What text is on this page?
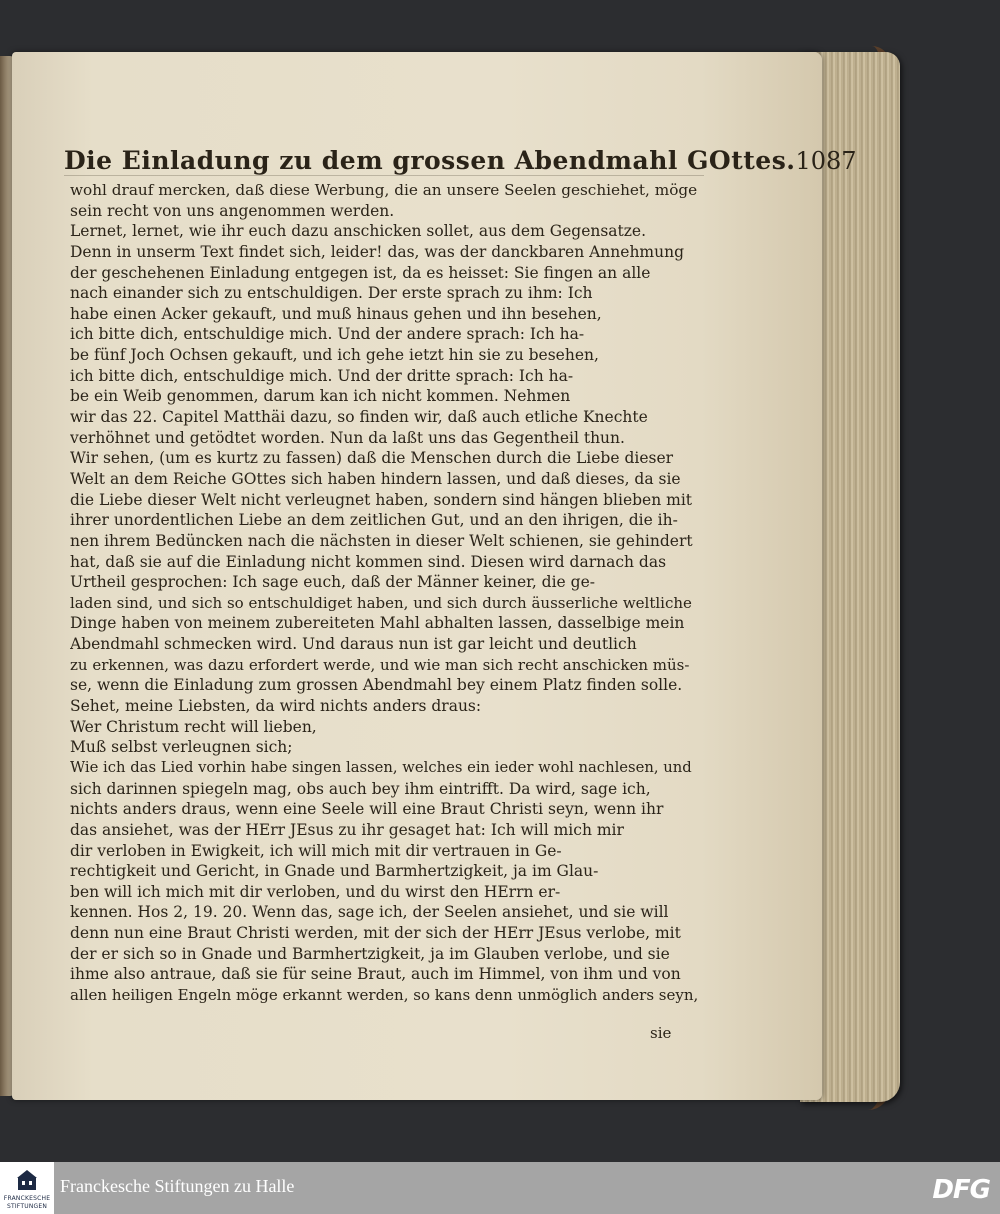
Die Einladung zu dem grossen Abendmahl GOttes. 1087
wohl drauf mercken, daß diese Werbung, die an unsere Seelen geschiehet, möge
sein recht von uns angenommen werden.
Lernet, lernet, wie ihr euch dazu anschicken sollet, aus dem Gegensatze.
Denn in unserm Text findet sich, leider! das, was der danckbaren Annehmung
der geschehenen Einladung entgegen ist, da es heisset: Sie fingen an alle
nach einander sich zu entschuldigen. Der erste sprach zu ihm: Ich
habe einen Acker gekauft, und muß hinaus gehen und ihn besehen,
ich bitte dich, entschuldige mich. Und der andere sprach: Ich ha-
be fünf Joch Ochsen gekauft, und ich gehe ietzt hin sie zu besehen,
ich bitte dich, entschuldige mich. Und der dritte sprach: Ich ha-
be ein Weib genommen, darum kan ich nicht kommen. Nehmen
wir das 22. Capitel Matthäi dazu, so finden wir, daß auch etliche Knechte
verhöhnet und getödtet worden. Nun da laßt uns das Gegentheil thun.
Wir sehen, (um es kurtz zu fassen) daß die Menschen durch die Liebe dieser
Welt an dem Reiche GOttes sich haben hindern lassen, und daß dieses, da sie
die Liebe dieser Welt nicht verleugnet haben, sondern sind hängen blieben mit
ihrer unordentlichen Liebe an dem zeitlichen Gut, und an den ihrigen, die ih-
nen ihrem Bedüncken nach die nächsten in dieser Welt schienen, sie gehindert
hat, daß sie auf die Einladung nicht kommen sind. Diesen wird darnach das
Urtheil gesprochen: Ich sage euch, daß der Männer keiner, die ge-
laden sind, und sich so entschuldiget haben, und sich durch äusserliche weltliche
Dinge haben von meinem zubereiteten Mahl abhalten lassen, dasselbige mein
Abendmahl schmecken wird. Und daraus nun ist gar leicht und deutlich
zu erkennen, was dazu erfordert werde, und wie man sich recht anschicken müs-
se, wenn die Einladung zum grossen Abendmahl bey einem Platz finden solle.
Sehet, meine Liebsten, da wird nichts anders draus:
Wer Christum recht will lieben,
Muß selbst verleugnen sich;
Wie ich das Lied vorhin habe singen lassen, welches ein ieder wohl nachlesen, und
sich darinnen spiegeln mag, obs auch bey ihm eintrifft. Da wird, sage ich,
nichts anders draus, wenn eine Seele will eine Braut Christi seyn, wenn ihr
das ansiehet, was der HErr JEsus zu ihr gesaget hat: Ich will mich mir
dir verloben in Ewigkeit, ich will mich mit dir vertrauen in Ge-
rechtigkeit und Gericht, in Gnade und Barmhertzigkeit, ja im Glau-
ben will ich mich mit dir verloben, und du wirst den HErrn er-
kennen. Hos 2, 19. 20. Wenn das, sage ich, der Seelen ansiehet, und sie will
denn nun eine Braut Christi werden, mit der sich der HErr JEsus verlobe, mit
der er sich so in Gnade und Barmhertzigkeit, ja im Glauben verlobe, und sie
ihme also antraue, daß sie für seine Braut, auch im Himmel, von ihm und von
allen heiligen Engeln möge erkannt werden, so kans denn unmöglich anders seyn,
sie
FRANCKESCHE
STIFTUNGEN
Franckesche Stiftungen zu Halle	DFG
